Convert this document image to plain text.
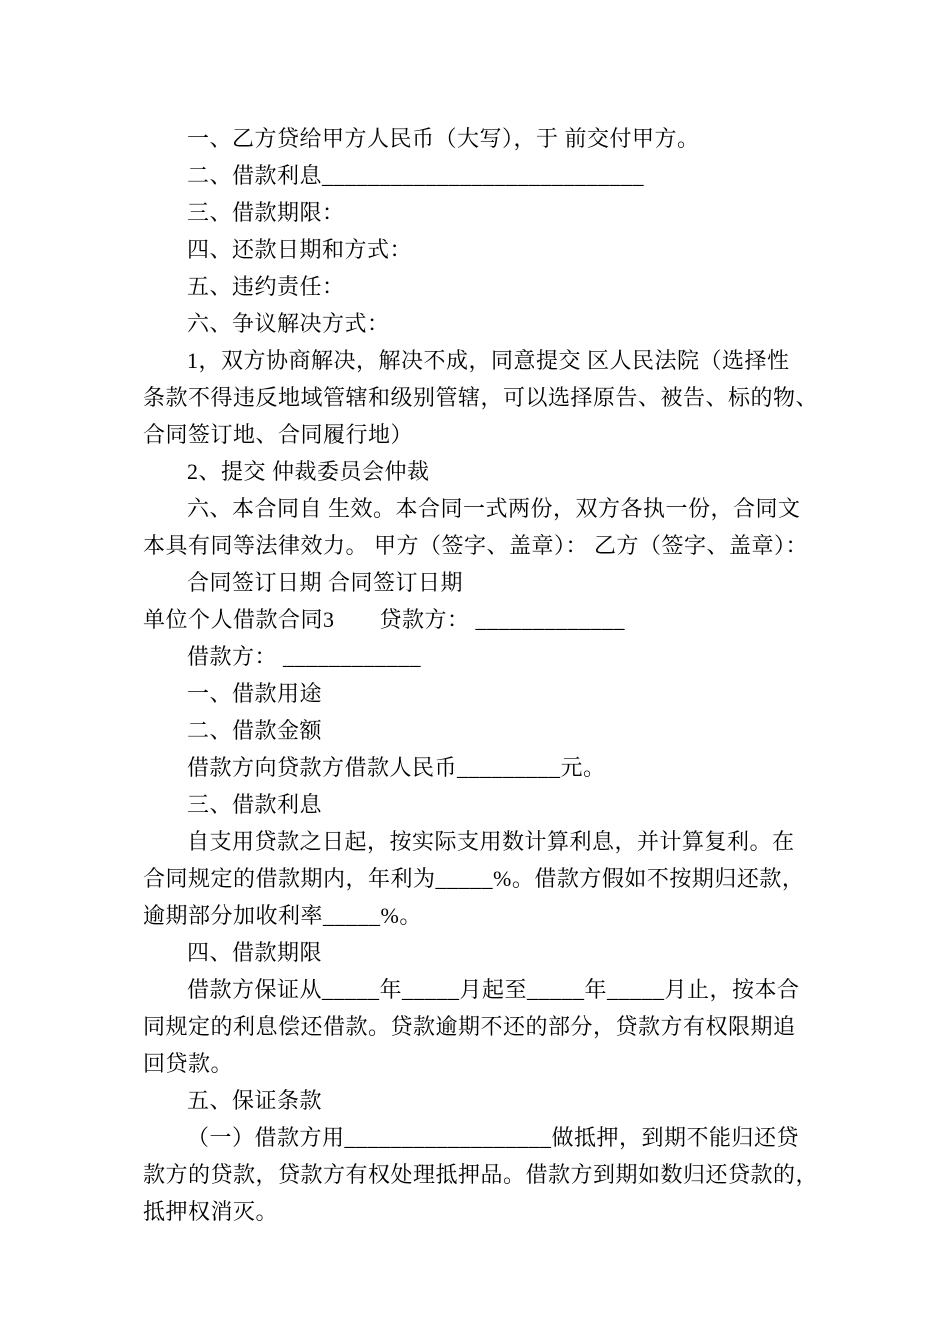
一、乙方贷给甲方人民币（大写），于 前交付甲方。

二、借款利息____________________________

三、借款期限：

四、还款日期和方式：

五、违约责任：

六、争议解决方式：

1，双方协商解决，解决不成，同意提交 区人民法院（选择性
条款不得违反地域管辖和级别管辖，可以选择原告、被告、标的物、
合同签订地、合同履行地）

2、提交 仲裁委员会仲裁

六、本合同自 生效。本合同一式两份，双方各执一份，合同文
本具有同等法律效力。 甲方（签字、盖章）： 乙方（签字、盖章）：

合同签订日期 合同签订日期

单位个人借款合同3　　贷款方： _____________

借款方： ____________

一、借款用途

二、借款金额

借款方向贷款方借款人民币_________元。

三、借款利息

自支用贷款之日起，按实际支用数计算利息，并计算复利。在
合同规定的借款期内，年利为_____%。借款方假如不按期归还款，
逾期部分加收利率_____%。

四、借款期限

借款方保证从_____年_____月起至_____年_____月止，按本合
同规定的利息偿还借款。贷款逾期不还的部分，贷款方有权限期追
回贷款。

五、保证条款

（一）借款方用__________________做抵押，到期不能归还贷
款方的贷款，贷款方有权处理抵押品。借款方到期如数归还贷款的，
抵押权消灭。
